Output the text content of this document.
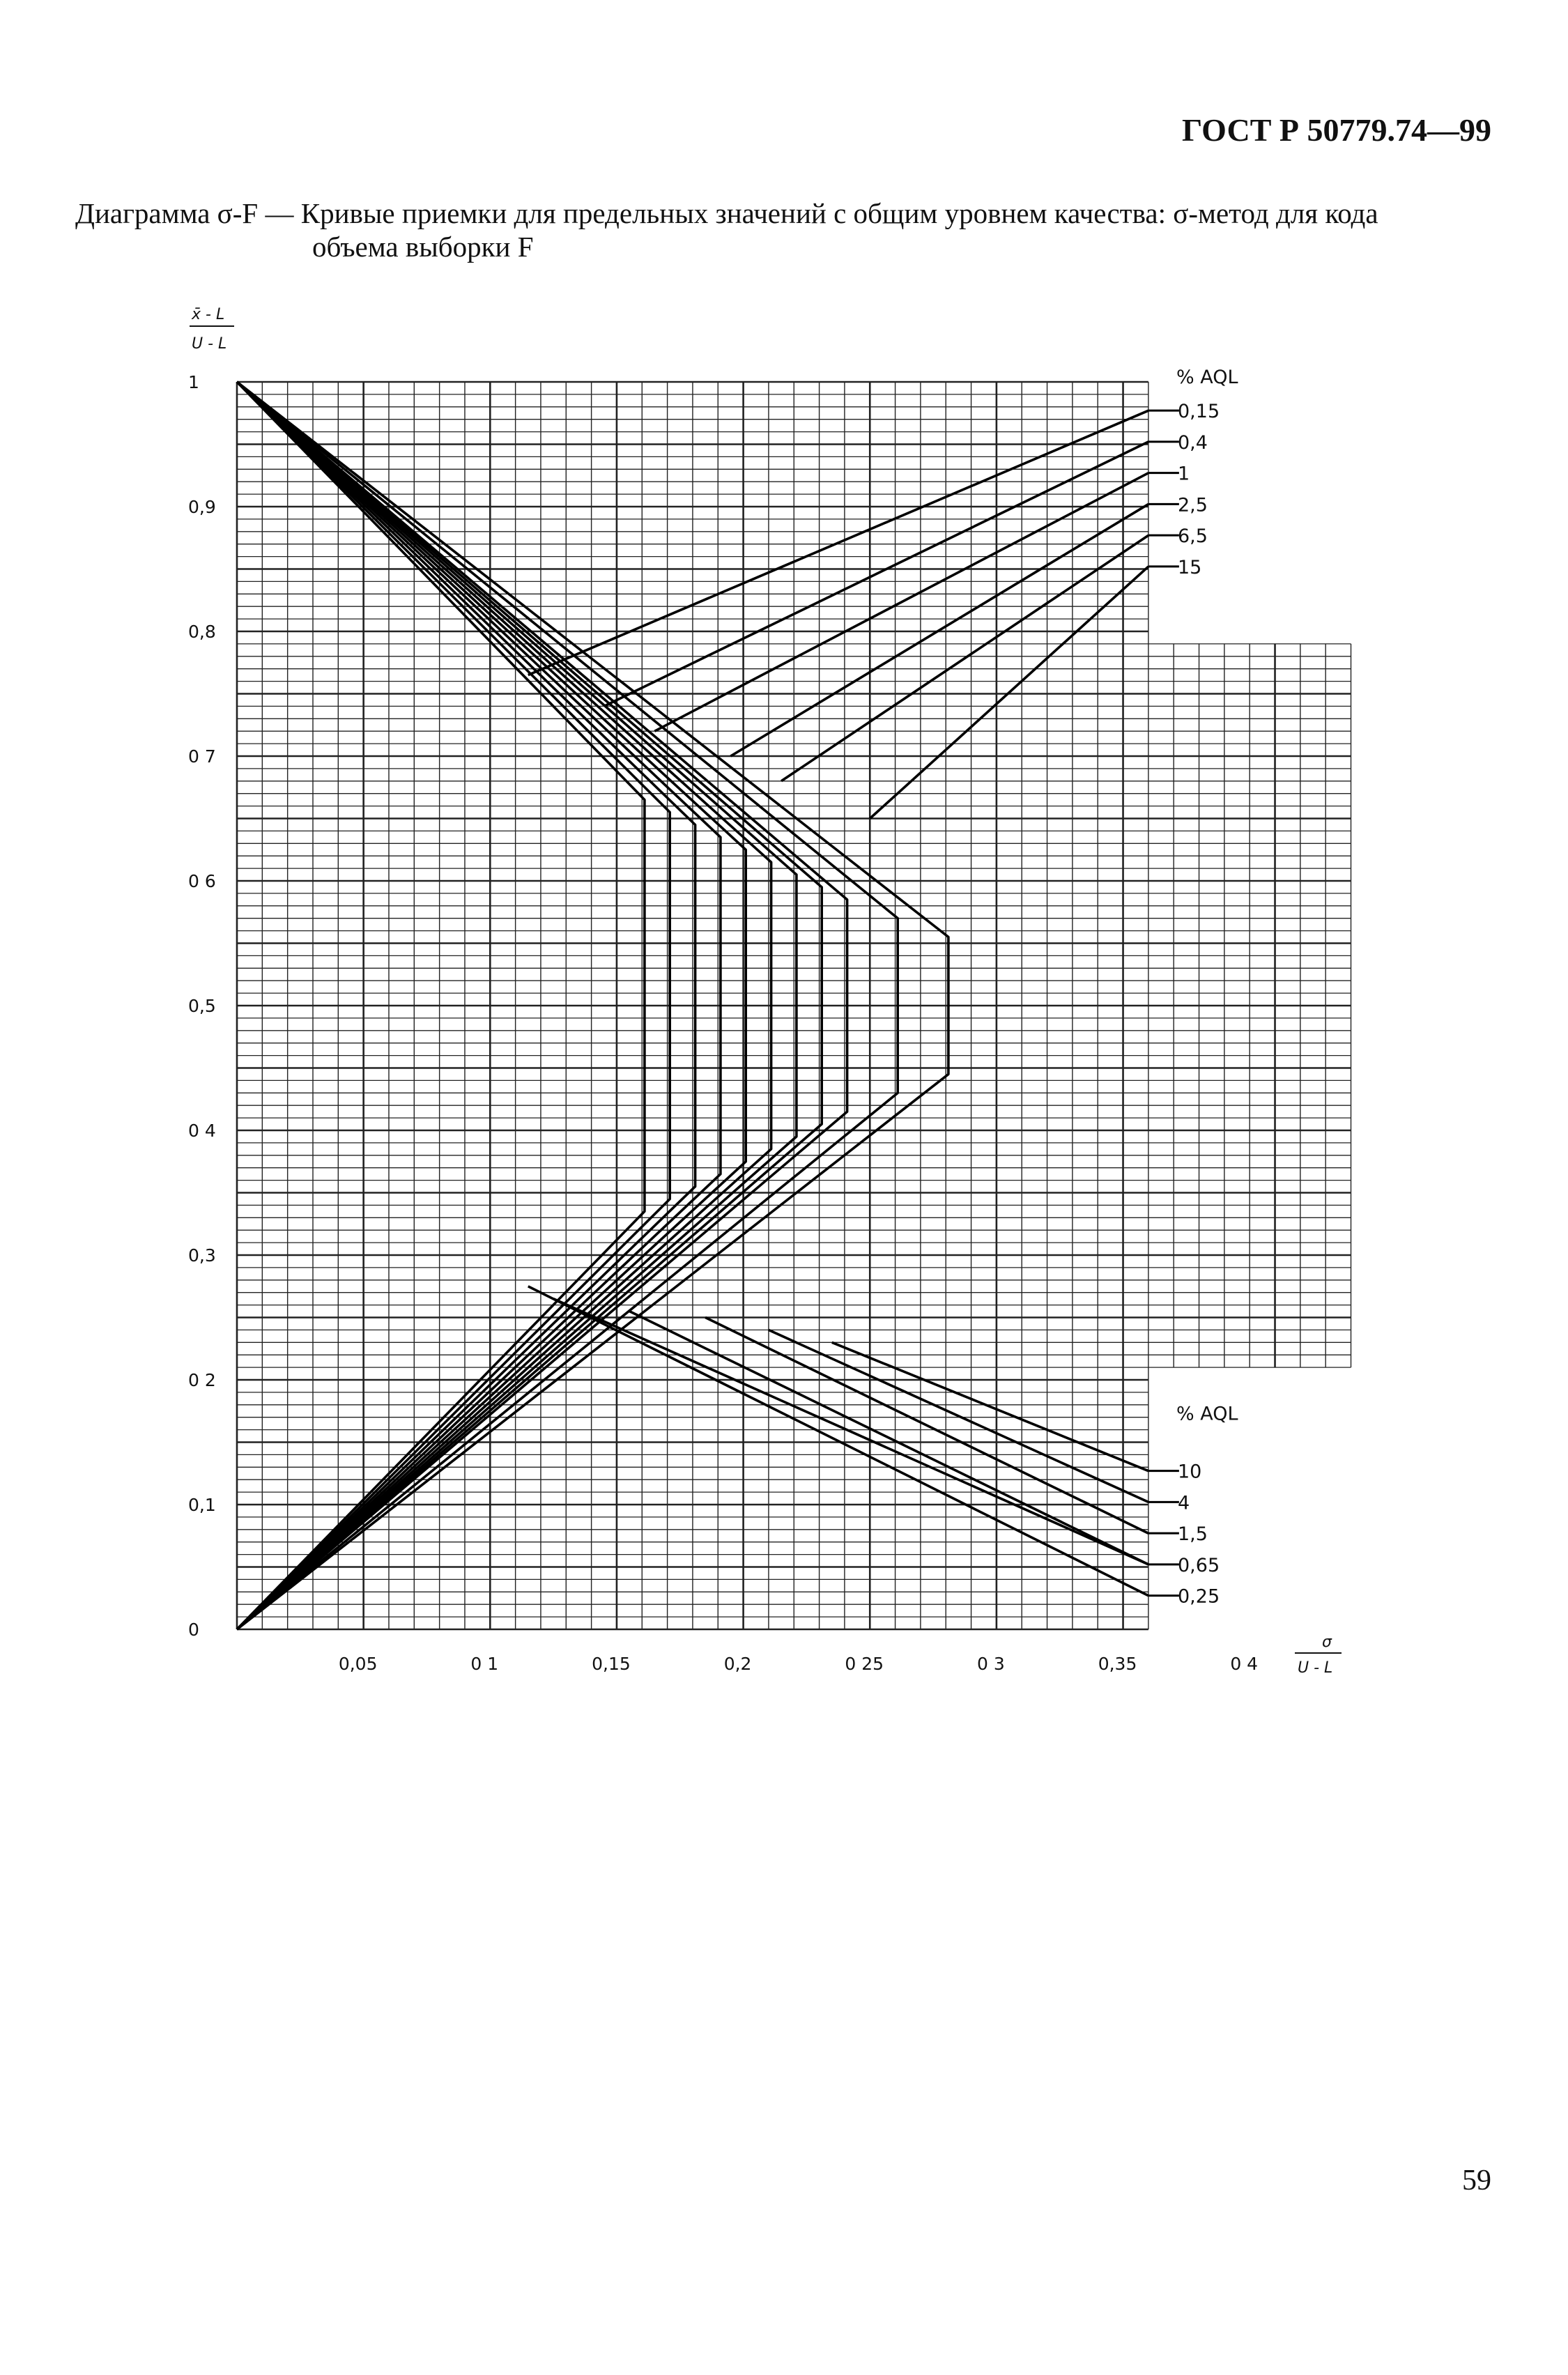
ГОСТ Р 50779.74—99
Диаграмма σ-F — Кривые приемки для предельных значений с общим уровнем качества: σ-метод для кода
объема выборки F
0,05	0 1	0,15	0,2	0 25	0 3	0,35	0 4
0
0,1
0 2
0,3
0 4
0,5
0 6
0 7
0,8
0,9
1	% AQL
0,15
0,4
1
2,5
6,5
15
% AQL
10
4
1,5
0,65
0,25
x̄ - L
U - L
σ
U - L
59
